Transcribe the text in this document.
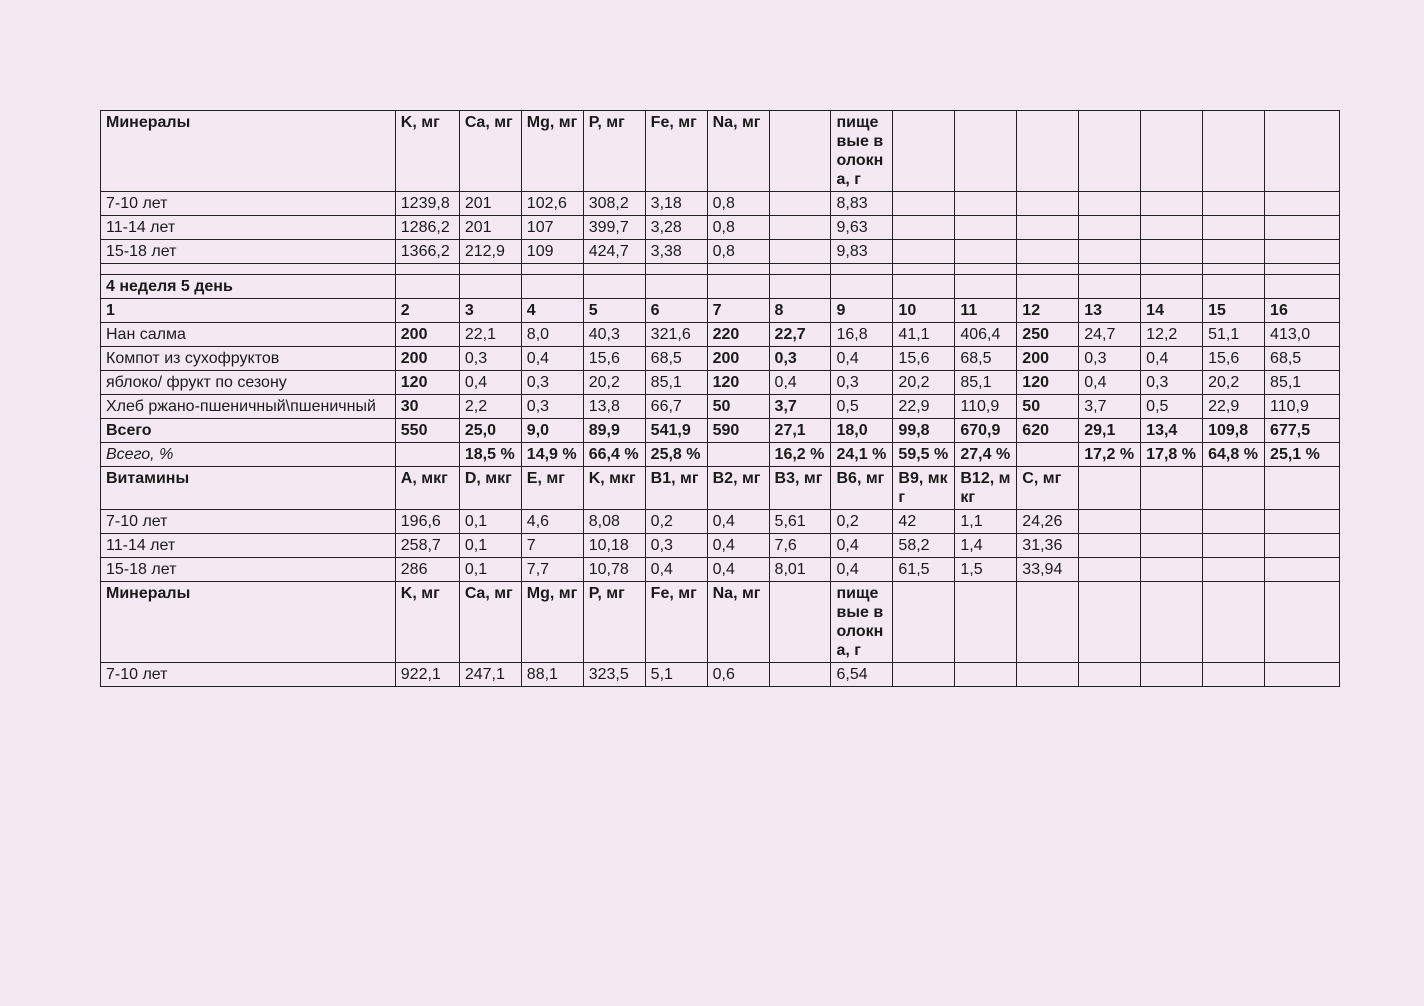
Минералы	K, мг	Ca, мг	Mg, мг	P, мг	Fe, мг	Na, мг		пищевые волокна, г							
7-10 лет	1239,8	201	102,6	308,2	3,18	0,8		8,83							
11-14 лет	1286,2	201	107	399,7	3,28	0,8		9,63							
15-18 лет	1366,2	212,9	109	424,7	3,38	0,8		9,83							

4 неделя 5 день															
1	2	3	4	5	6	7	8	9	10	11	12	13	14	15	16
Нан салма	200	22,1	8,0	40,3	321,6	220	22,7	16,8	41,1	406,4	250	24,7	12,2	51,1	413,0
Компот из сухофруктов	200	0,3	0,4	15,6	68,5	200	0,3	0,4	15,6	68,5	200	0,3	0,4	15,6	68,5
яблоко/ фрукт по сезону	120	0,4	0,3	20,2	85,1	120	0,4	0,3	20,2	85,1	120	0,4	0,3	20,2	85,1
Хлеб ржано-пшеничный\пшеничный	30	2,2	0,3	13,8	66,7	50	3,7	0,5	22,9	110,9	50	3,7	0,5	22,9	110,9
Всего	550	25,0	9,0	89,9	541,9	590	27,1	18,0	99,8	670,9	620	29,1	13,4	109,8	677,5
Всего, %		18,5 %	14,9 %	66,4 %	25,8 %		16,2 %	24,1 %	59,5 %	27,4 %		17,2 %	17,8 %	64,8 %	25,1 %
Витамины	A, мкг	D, мкг	E, мг	K, мкг	B1, мг	B2, мг	B3, мг	B6, мг	B9, мкг	B12, мкг	C, мг				
7-10 лет	196,6	0,1	4,6	8,08	0,2	0,4	5,61	0,2	42	1,1	24,26				
11-14 лет	258,7	0,1	7	10,18	0,3	0,4	7,6	0,4	58,2	1,4	31,36				
15-18 лет	286	0,1	7,7	10,78	0,4	0,4	8,01	0,4	61,5	1,5	33,94				
Минералы	K, мг	Ca, мг	Mg, мг	P, мг	Fe, мг	Na, мг		пищевые волокна, г							
7-10 лет	922,1	247,1	88,1	323,5	5,1	0,6		6,54							
